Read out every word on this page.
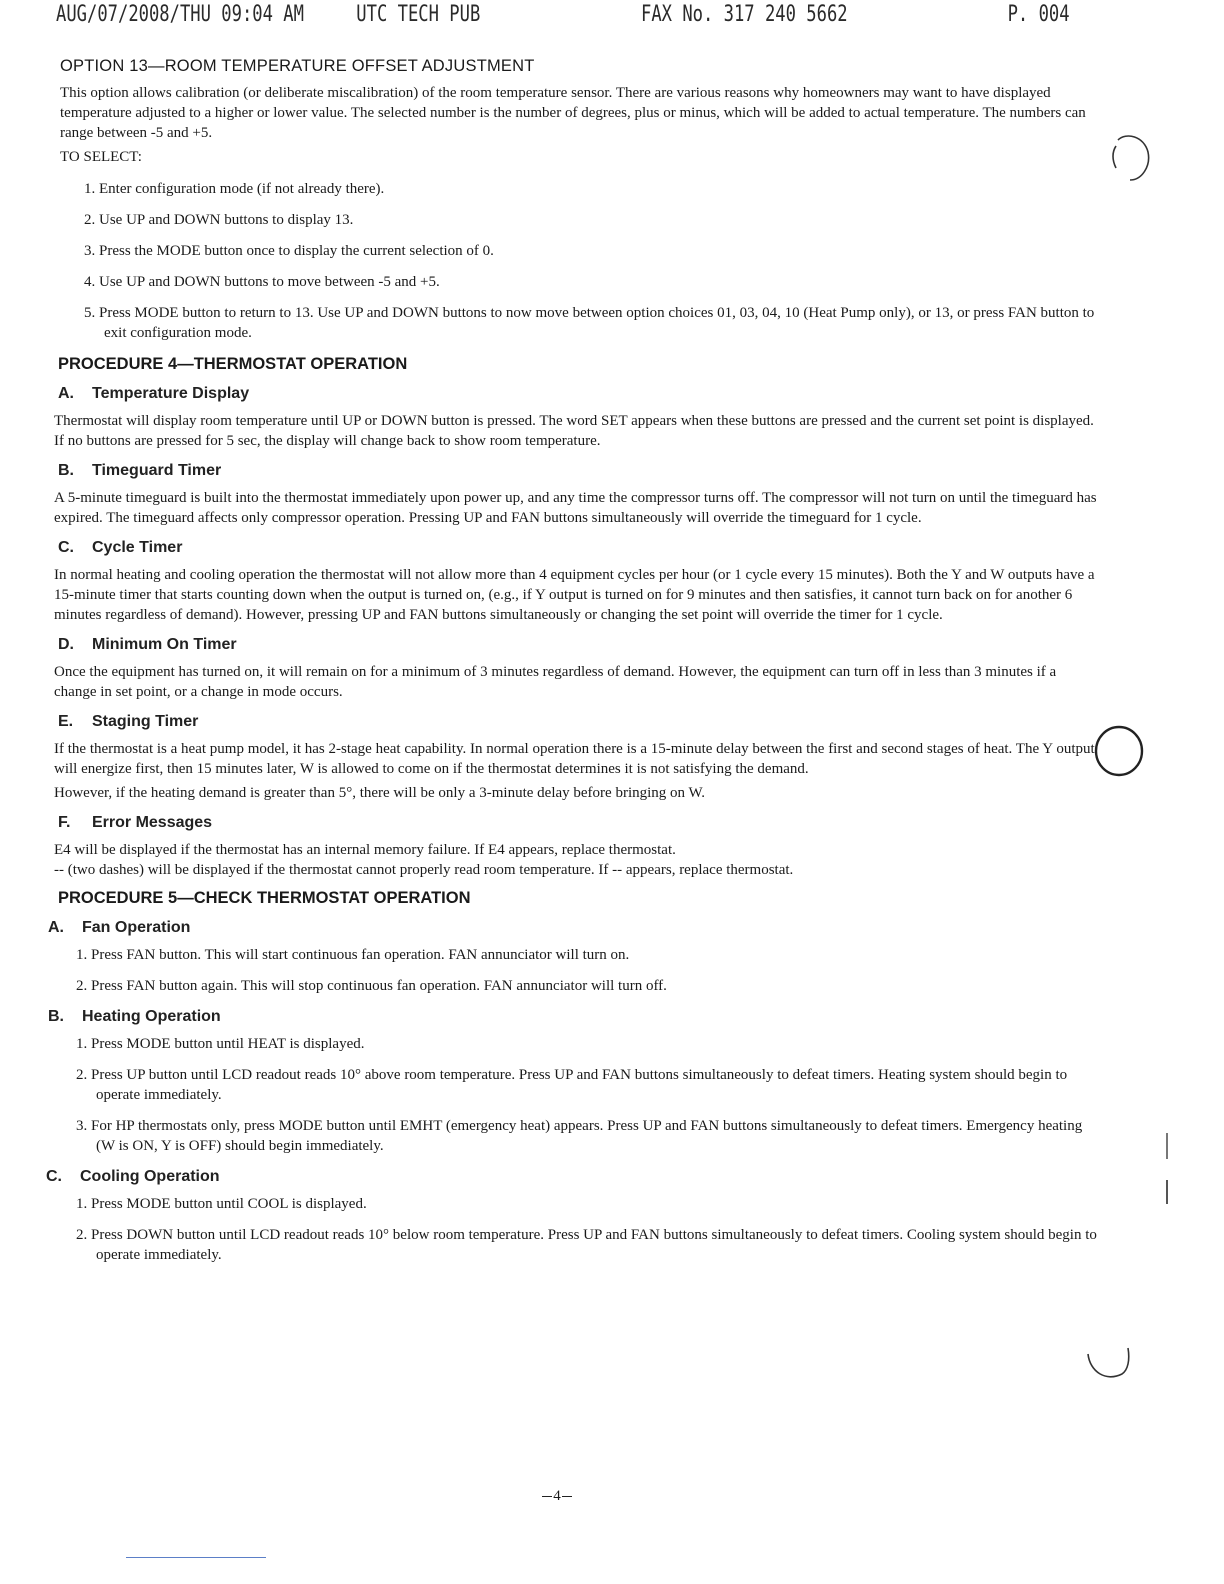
AUG/07/2008/THU 09:04 AM UTC TECH PUB	FAX No. 317 240 5662	P. 004
OPTION 13—ROOM TEMPERATURE OFFSET ADJUSTMENT

This option allows calibration (or deliberate miscalibration) of the room temperature sensor. There are various reasons why homeowners may want to have displayed temperature adjusted to a higher or lower value. The selected number is the number of degrees, plus or minus, which will be added to actual temperature. The numbers can range between -5 and +5.

TO SELECT:
1. Enter configuration mode (if not already there).
2. Use UP and DOWN buttons to display 13.
3. Press the MODE button once to display the current selection of 0.
4. Use UP and DOWN buttons to move between -5 and +5.
5. Press MODE button to return to 13. Use UP and DOWN buttons to now move between option choices 01, 03, 04, 10 (Heat Pump only), or 13, or press FAN button to exit configuration mode.
PROCEDURE 4—THERMOSTAT OPERATION
A. Temperature Display

Thermostat will display room temperature until UP or DOWN button is pressed. The word SET appears when these buttons are pressed and the current set point is displayed. If no buttons are pressed for 5 sec, the display will change back to show room temperature.

B. Timeguard Timer

A 5-minute timeguard is built into the thermostat immediately upon power up, and any time the compressor turns off. The compressor will not turn on until the timeguard has expired. The timeguard affects only compressor operation. Pressing UP and FAN buttons simultaneously will override the timeguard for 1 cycle.

C. Cycle Timer

In normal heating and cooling operation the thermostat will not allow more than 4 equipment cycles per hour (or 1 cycle every 15 minutes). Both the Y and W outputs have a 15-minute timer that starts counting down when the output is turned on, (e.g., if Y output is turned on for 9 minutes and then satisfies, it cannot turn back on for another 6 minutes regardless of demand). However, pressing UP and FAN buttons simultaneously or changing the set point will override the timer for 1 cycle.

D. Minimum On Timer

Once the equipment has turned on, it will remain on for a minimum of 3 minutes regardless of demand. However, the equipment can turn off in less than 3 minutes if a change in set point, or a change in mode occurs.

E. Staging Timer

If the thermostat is a heat pump model, it has 2-stage heat capability. In normal operation there is a 15-minute delay between the first and second stages of heat. The Y output will energize first, then 15 minutes later, W is allowed to come on if the thermostat determines it is not satisfying the demand.

However, if the heating demand is greater than 5°, there will be only a 3-minute delay before bringing on W.

F. Error Messages

E4 will be displayed if the thermostat has an internal memory failure. If E4 appears, replace thermostat.

-- (two dashes) will be displayed if the thermostat cannot properly read room temperature. If -- appears, replace thermostat.

PROCEDURE 5—CHECK THERMOSTAT OPERATION
A. Fan Operation
1. Press FAN button. This will start continuous fan operation. FAN annunciator will turn on.
2. Press FAN button again. This will stop continuous fan operation. FAN annunciator will turn off.
B. Heating Operation
1. Press MODE button until HEAT is displayed.
2. Press UP button until LCD readout reads 10° above room temperature. Press UP and FAN buttons simultaneously to defeat timers. Heating system should begin to operate immediately.
3. For HP thermostats only, press MODE button until EMHT (emergency heat) appears. Press UP and FAN buttons simultaneously to defeat timers. Emergency heating (W is ON, Y is OFF) should begin immediately.
C. Cooling Operation
1. Press MODE button until COOL is displayed.
2. Press DOWN button until LCD readout reads 10° below room temperature. Press UP and FAN buttons simultaneously to defeat timers. Cooling system should begin to operate immediately.
4
